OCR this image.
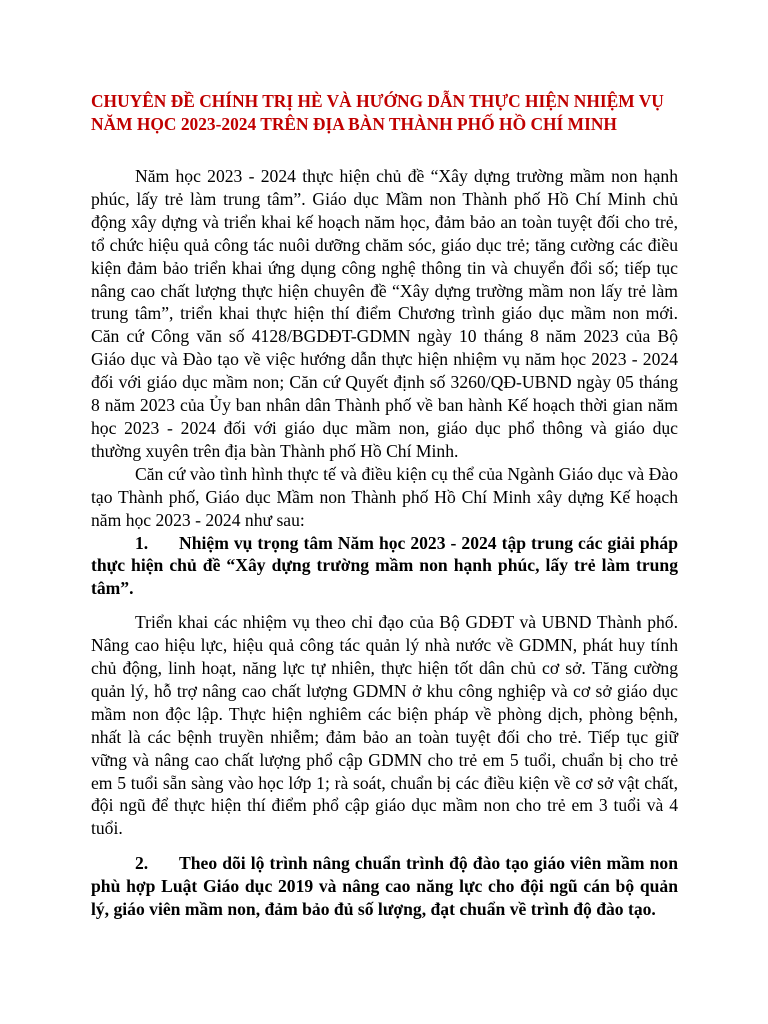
CHUYÊN ĐỀ CHÍNH TRỊ HÈ VÀ HƯỚNG DẪN THỰC HIỆN NHIỆM VỤ NĂM HỌC 2023-2024 TRÊN ĐỊA BÀN THÀNH PHỐ HỒ CHÍ MINH

Năm học 2023 - 2024 thực hiện chủ đề “Xây dựng trường mầm non hạnh phúc, lấy trẻ làm trung tâm”. Giáo dục Mầm non Thành phố Hồ Chí Minh chủ động xây dựng và triển khai kế hoạch năm học, đảm bảo an toàn tuyệt đối cho trẻ, tổ chức hiệu quả công tác nuôi dưỡng chăm sóc, giáo dục trẻ; tăng cường các điều kiện đảm bảo triển khai ứng dụng công nghệ thông tin và chuyển đổi số; tiếp tục nâng cao chất lượng thực hiện chuyên đề “Xây dựng trường mầm non lấy trẻ làm trung tâm”, triển khai thực hiện thí điểm Chương trình giáo dục mầm non mới. Căn cứ Công văn số 4128/BGDĐT-GDMN ngày 10 tháng 8 năm 2023 của Bộ Giáo dục và Đào tạo về việc hướng dẫn thực hiện nhiệm vụ năm học 2023 - 2024 đối với giáo dục mầm non; Căn cứ Quyết định số 3260/QĐ-UBND ngày 05 tháng 8 năm 2023 của Ủy ban nhân dân Thành phố về ban hành Kế hoạch thời gian năm học 2023 - 2024 đối với giáo dục mầm non, giáo dục phổ thông và giáo dục thường xuyên trên địa bàn Thành phố Hồ Chí Minh.

Căn cứ vào tình hình thực tế và điều kiện cụ thể của Ngành Giáo dục và Đào tạo Thành phố, Giáo dục Mầm non Thành phố Hồ Chí Minh xây dựng Kế hoạch năm học 2023 - 2024 như sau:

1. Nhiệm vụ trọng tâm Năm học 2023 - 2024 tập trung các giải pháp thực hiện chủ đề “Xây dựng trường mầm non hạnh phúc, lấy trẻ làm trung tâm”.

Triển khai các nhiệm vụ theo chỉ đạo của Bộ GDĐT và UBND Thành phố. Nâng cao hiệu lực, hiệu quả công tác quản lý nhà nước về GDMN, phát huy tính chủ động, linh hoạt, năng lực tự nhiên, thực hiện tốt dân chủ cơ sở. Tăng cường quản lý, hỗ trợ nâng cao chất lượng GDMN ở khu công nghiệp và cơ sở giáo dục mầm non độc lập. Thực hiện nghiêm các biện pháp về phòng dịch, phòng bệnh, nhất là các bệnh truyền nhiễm; đảm bảo an toàn tuyệt đối cho trẻ. Tiếp tục giữ vững và nâng cao chất lượng phổ cập GDMN cho trẻ em 5 tuổi, chuẩn bị cho trẻ em 5 tuổi sẵn sàng vào học lớp 1; rà soát, chuẩn bị các điều kiện về cơ sở vật chất, đội ngũ để thực hiện thí điểm phổ cập giáo dục mầm non cho trẻ em 3 tuổi và 4 tuổi.

2. Theo dõi lộ trình nâng chuẩn trình độ đào tạo giáo viên mầm non phù hợp Luật Giáo dục 2019 và nâng cao năng lực cho đội ngũ cán bộ quản lý, giáo viên mầm non, đảm bảo đủ số lượng, đạt chuẩn về trình độ đào tạo.
